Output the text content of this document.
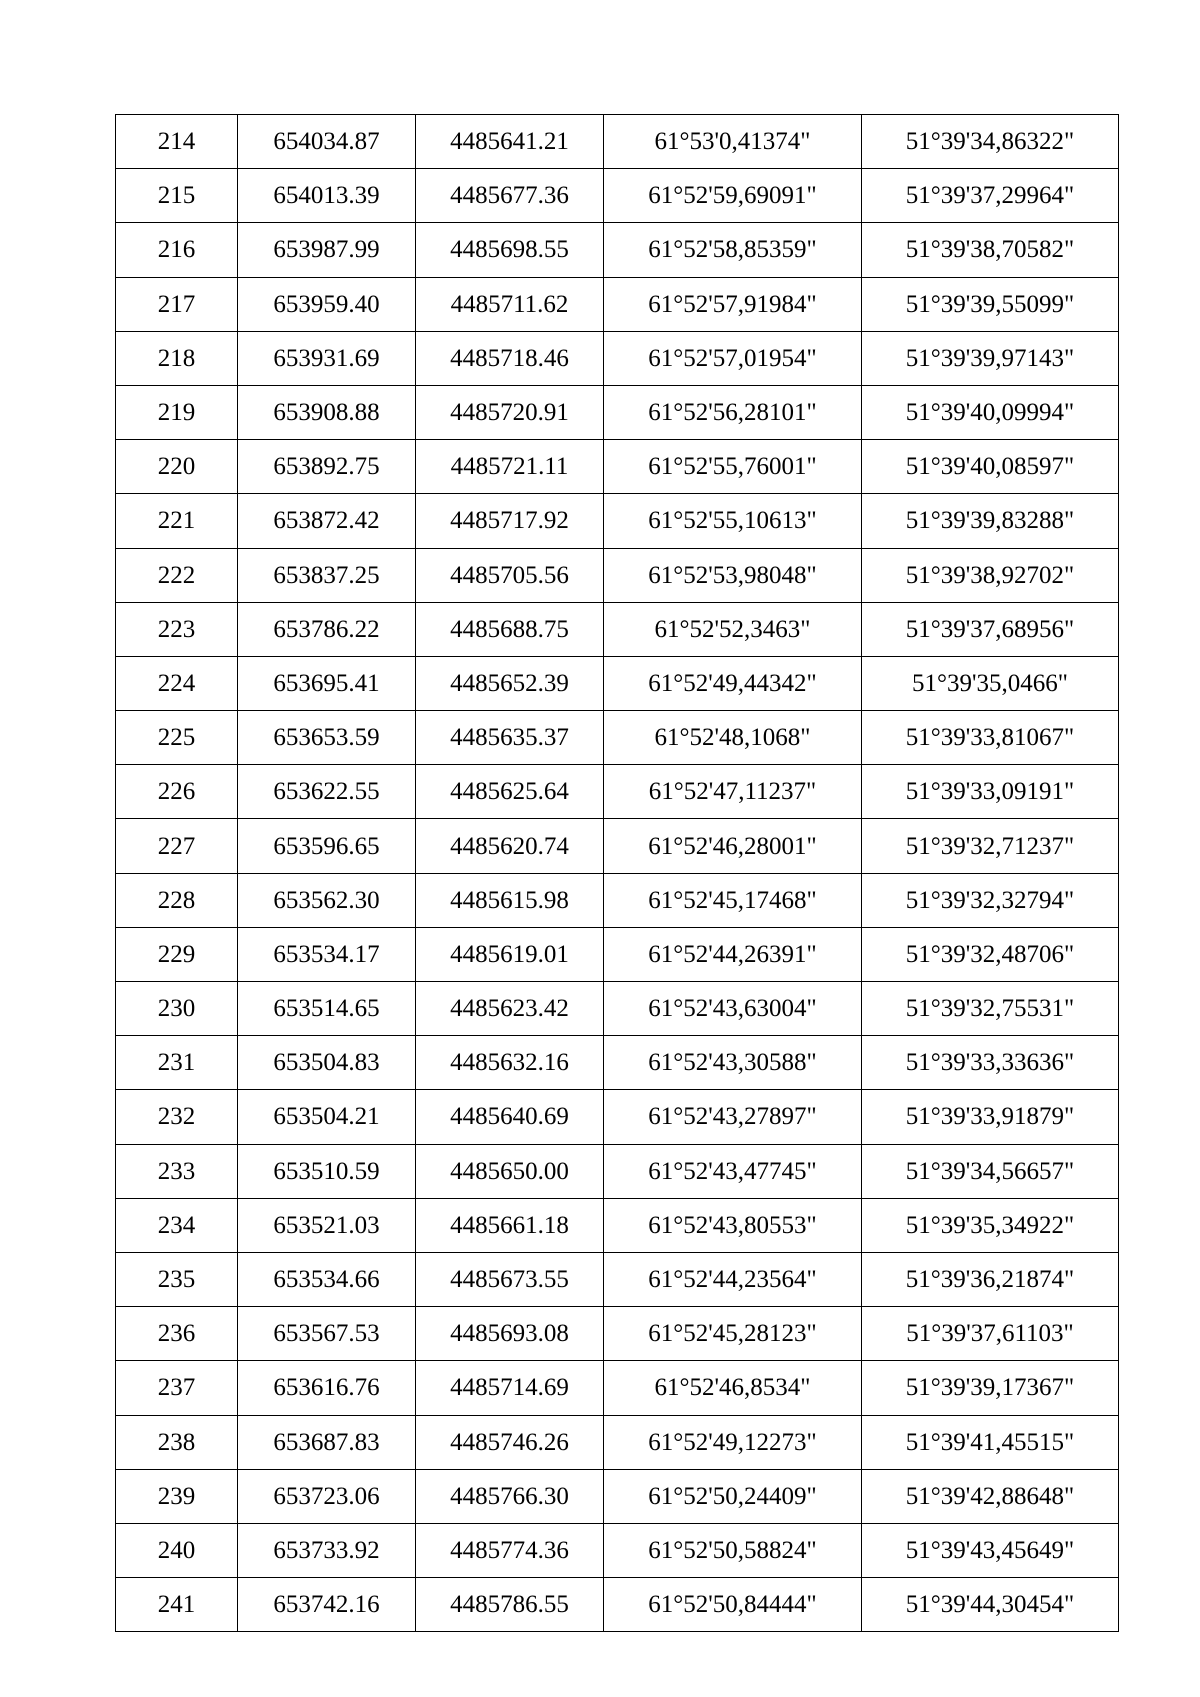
214	654034.87	4485641.21	61°53'0,41374"	51°39'34,86322"
215	654013.39	4485677.36	61°52'59,69091"	51°39'37,29964"
216	653987.99	4485698.55	61°52'58,85359"	51°39'38,70582"
217	653959.40	4485711.62	61°52'57,91984"	51°39'39,55099"
218	653931.69	4485718.46	61°52'57,01954"	51°39'39,97143"
219	653908.88	4485720.91	61°52'56,28101"	51°39'40,09994"
220	653892.75	4485721.11	61°52'55,76001"	51°39'40,08597"
221	653872.42	4485717.92	61°52'55,10613"	51°39'39,83288"
222	653837.25	4485705.56	61°52'53,98048"	51°39'38,92702"
223	653786.22	4485688.75	61°52'52,3463"	51°39'37,68956"
224	653695.41	4485652.39	61°52'49,44342"	51°39'35,0466"
225	653653.59	4485635.37	61°52'48,1068"	51°39'33,81067"
226	653622.55	4485625.64	61°52'47,11237"	51°39'33,09191"
227	653596.65	4485620.74	61°52'46,28001"	51°39'32,71237"
228	653562.30	4485615.98	61°52'45,17468"	51°39'32,32794"
229	653534.17	4485619.01	61°52'44,26391"	51°39'32,48706"
230	653514.65	4485623.42	61°52'43,63004"	51°39'32,75531"
231	653504.83	4485632.16	61°52'43,30588"	51°39'33,33636"
232	653504.21	4485640.69	61°52'43,27897"	51°39'33,91879"
233	653510.59	4485650.00	61°52'43,47745"	51°39'34,56657"
234	653521.03	4485661.18	61°52'43,80553"	51°39'35,34922"
235	653534.66	4485673.55	61°52'44,23564"	51°39'36,21874"
236	653567.53	4485693.08	61°52'45,28123"	51°39'37,61103"
237	653616.76	4485714.69	61°52'46,8534"	51°39'39,17367"
238	653687.83	4485746.26	61°52'49,12273"	51°39'41,45515"
239	653723.06	4485766.30	61°52'50,24409"	51°39'42,88648"
240	653733.92	4485774.36	61°52'50,58824"	51°39'43,45649"
241	653742.16	4485786.55	61°52'50,84444"	51°39'44,30454"
